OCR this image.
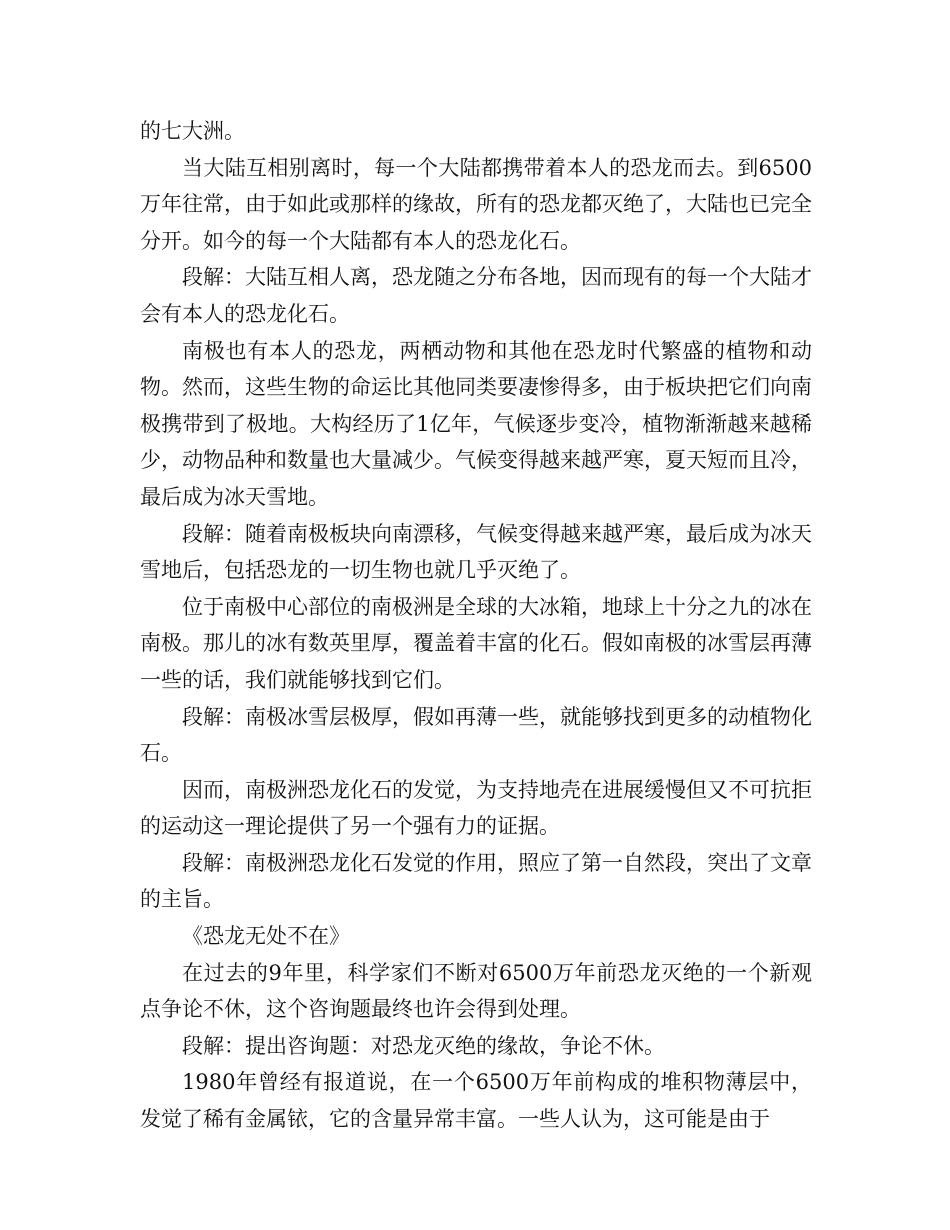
的七大洲。

当大陆互相别离时，每一个大陆都携带着本人的恐龙而去。到6500万年往常，由于如此或那样的缘故，所有的恐龙都灭绝了，大陆也已完全分开。如今的每一个大陆都有本人的恐龙化石。

段解：大陆互相人离，恐龙随之分布各地，因而现有的每一个大陆才会有本人的恐龙化石。

南极也有本人的恐龙，两栖动物和其他在恐龙时代繁盛的植物和动物。然而，这些生物的命运比其他同类要凄惨得多，由于板块把它们向南极携带到了极地。大构经历了1亿年，气候逐步变冷，植物渐渐越来越稀少，动物品种和数量也大量减少。气候变得越来越严寒，夏天短而且冷，最后成为冰天雪地。

段解：随着南极板块向南漂移，气候变得越来越严寒，最后成为冰天雪地后，包括恐龙的一切生物也就几乎灭绝了。

位于南极中心部位的南极洲是全球的大冰箱，地球上十分之九的冰在南极。那儿的冰有数英里厚，覆盖着丰富的化石。假如南极的冰雪层再薄一些的话，我们就能够找到它们。

段解：南极冰雪层极厚，假如再薄一些，就能够找到更多的动植物化石。

因而，南极洲恐龙化石的发觉，为支持地壳在进展缓慢但又不可抗拒的运动这一理论提供了另一个强有力的证据。

段解：南极洲恐龙化石发觉的作用，照应了第一自然段，突出了文章的主旨。

《恐龙无处不在》

在过去的9年里，科学家们不断对6500万年前恐龙灭绝的一个新观点争论不休，这个咨询题最终也许会得到处理。

段解：提出咨询题：对恐龙灭绝的缘故，争论不休。

1980年曾经有报道说，在一个6500万年前构成的堆积物薄层中，发觉了稀有金属铱，它的含量异常丰富。一些人认为，这可能是由于
